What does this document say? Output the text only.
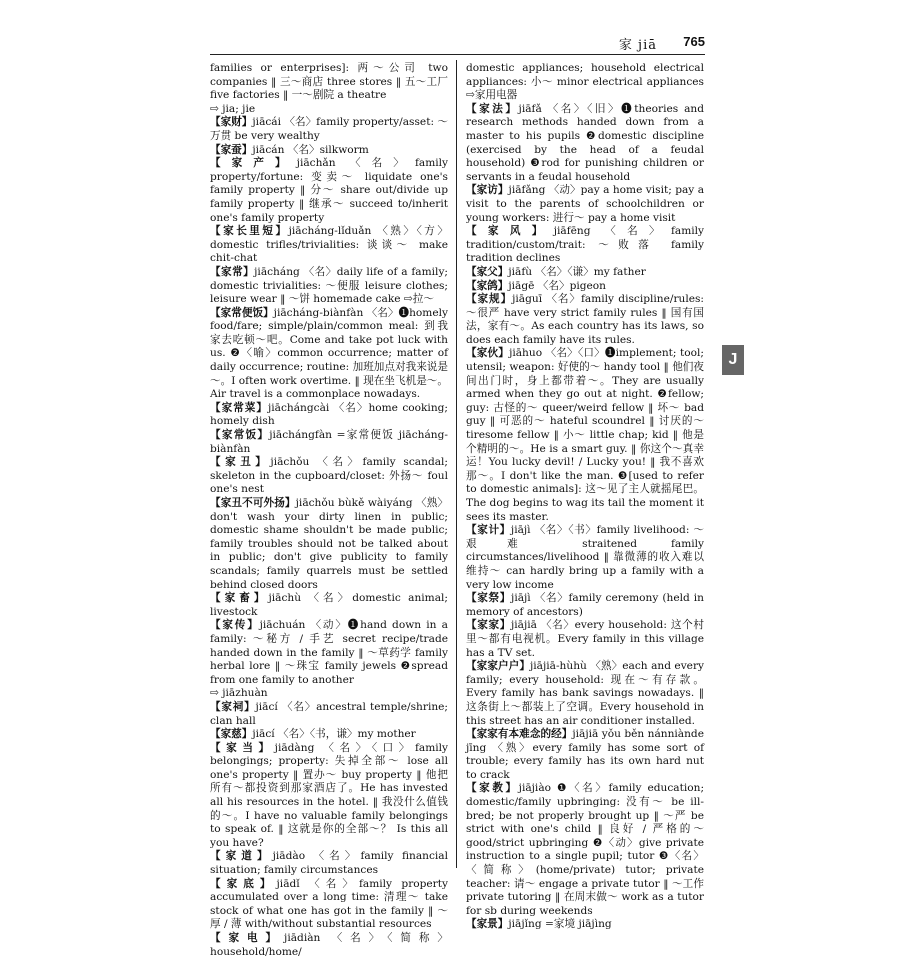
家 jiā 765

families or enterprises]: 两～公司 two companies ‖ 三～商店 three stores ‖ 五～工厂 five factories ‖ 一～剧院 a theatre

⇨ jia; jie

【家财】jiācái 〈名〉family property/asset: ～万贯 be very wealthy

【家蚕】jiācán 〈名〉silkworm

【家产】jiāchǎn 〈名〉family property/fortune: 变卖～ liquidate one's family property ‖ 分～ share out/divide up family property ‖ 继承～ succeed to/inherit one's family property

【家长里短】jiācháng-lǐduǎn 〈熟〉〈方〉domestic trifles/trivialities: 谈谈～ make chit-chat

【家常】jiācháng 〈名〉daily life of a family; domestic trivialities: ～便服 leisure clothes; leisure wear ‖ ～饼 homemade cake ⇨拉～

【家常便饭】jiācháng-biànfàn 〈名〉❶homely food/fare; simple/plain/common meal: 到我家去吃顿～吧。Come and take pot luck with us. ❷〈喻〉common occurrence; matter of daily occurrence; routine: 加班加点对我来说是～。I often work overtime. ‖ 现在坐飞机是～。Air travel is a commonplace nowadays.

【家常菜】jiāchángcài 〈名〉home cooking; homely dish

【家常饭】jiāchángfàn =家常便饭 jiācháng-biànfàn

【家丑】jiāchǒu 〈名〉family scandal; skeleton in the cupboard/closet: 外扬～ foul one's nest

【家丑不可外扬】jiāchǒu bùkě wàiyáng 〈熟〉don't wash your dirty linen in public; domestic shame shouldn't be made public; family troubles should not be talked about in public; don't give publicity to family scandals; family quarrels must be settled behind closed doors

【家畜】jiāchù 〈名〉domestic animal; livestock

【家传】jiāchuán 〈动〉❶hand down in a family: ～秘方 / 手艺 secret recipe/trade handed down in the family ‖ ～草药学 family herbal lore ‖ ～珠宝 family jewels ❷spread from one family to another

⇨ jiāzhuàn

【家祠】jiācí 〈名〉ancestral temple/shrine; clan hall

【家慈】jiācí 〈名〉〈书，谦〉my mother

【家当】jiādàng 〈名〉〈口〉family belongings; property: 失掉全部～ lose all one's property ‖ 置办～ buy property ‖ 他把所有～都投资到那家酒店了。He has invested all his resources in the hotel. ‖ 我没什么值钱的～。I have no valuable family belongings to speak of. ‖ 这就是你的全部～？ Is this all you have?

【家道】jiādào 〈名〉family financial situation; family circumstances

【家底】jiādǐ 〈名〉family property accumulated over a long time: 清理～ take stock of what one has got in the family ‖ ～厚 / 薄 with/without substantial resources

【家电】jiādiàn 〈名〉〈简称〉household/home/

domestic appliances; household electrical appliances: 小～ minor electrical appliances ⇨家用电器

【家法】jiāfǎ 〈名〉〈旧〉❶theories and research methods handed down from a master to his pupils ❷domestic discipline (exercised by the head of a feudal household) ❸rod for punishing children or servants in a feudal household

【家访】jiāfǎng 〈动〉pay a home visit; pay a visit to the parents of schoolchildren or young workers: 进行～ pay a home visit

【家风】jiāfēng 〈名〉family tradition/custom/trait: ～败落 family tradition declines

【家父】jiāfù 〈名〉〈谦〉my father

【家鸽】jiāgē 〈名〉pigeon

【家规】jiāguī 〈名〉family discipline/rules: ～很严 have very strict family rules ‖ 国有国法，家有～。As each country has its laws, so does each family have its rules.

【家伙】jiāhuo 〈名〉〈口〉❶implement; tool; utensil; weapon: 好使的～ handy tool ‖ 他们夜间出门时，身上都带着～。They are usually armed when they go out at night. ❷fellow; guy: 古怪的～ queer/weird fellow ‖ 坏～ bad guy ‖ 可恶的～ hateful scoundrel ‖ 讨厌的～ tiresome fellow ‖ 小～ little chap; kid ‖ 他是个精明的～。He is a smart guy. ‖ 你这个～真幸运！You lucky devil! / Lucky you! ‖ 我不喜欢那～。I don't like the man. ❸[used to refer to domestic animals]: 这～见了主人就摇尾巴。The dog begins to wag its tail the moment it sees its master.

【家计】jiājì 〈名〉〈书〉family livelihood: ～艰难 straitened family circumstances/livelihood ‖ 靠微薄的收入难以维持～ can hardly bring up a family with a very low income

【家祭】jiājì 〈名〉family ceremony (held in memory of ancestors)

【家家】jiājiā 〈名〉every household: 这个村里～都有电视机。Every family in this village has a TV set.

【家家户户】jiājiā-hùhù 〈熟〉each and every family; every household: 现在～有存款。Every family has bank savings nowadays. ‖ 这条街上～都装上了空调。Every household in this street has an air conditioner installed.

【家家有本难念的经】jiājiā yǒu běn nánniànde jīng 〈熟〉every family has some sort of trouble; every family has its own hard nut to crack

【家教】jiājiào ❶〈名〉family education; domestic/family upbringing: 没有～ be ill-bred; be not properly brought up ‖ ～严 be strict with one's child ‖ 良好 / 严格的～ good/strict upbringing ❷〈动〉give private instruction to a single pupil; tutor ❸〈名〉〈简称〉(home/private) tutor; private teacher: 请～ engage a private tutor ‖ ～工作 private tutoring ‖ 在周末做～ work as a tutor for sb during weekends

【家景】jiājǐng =家境 jiājìng

J
